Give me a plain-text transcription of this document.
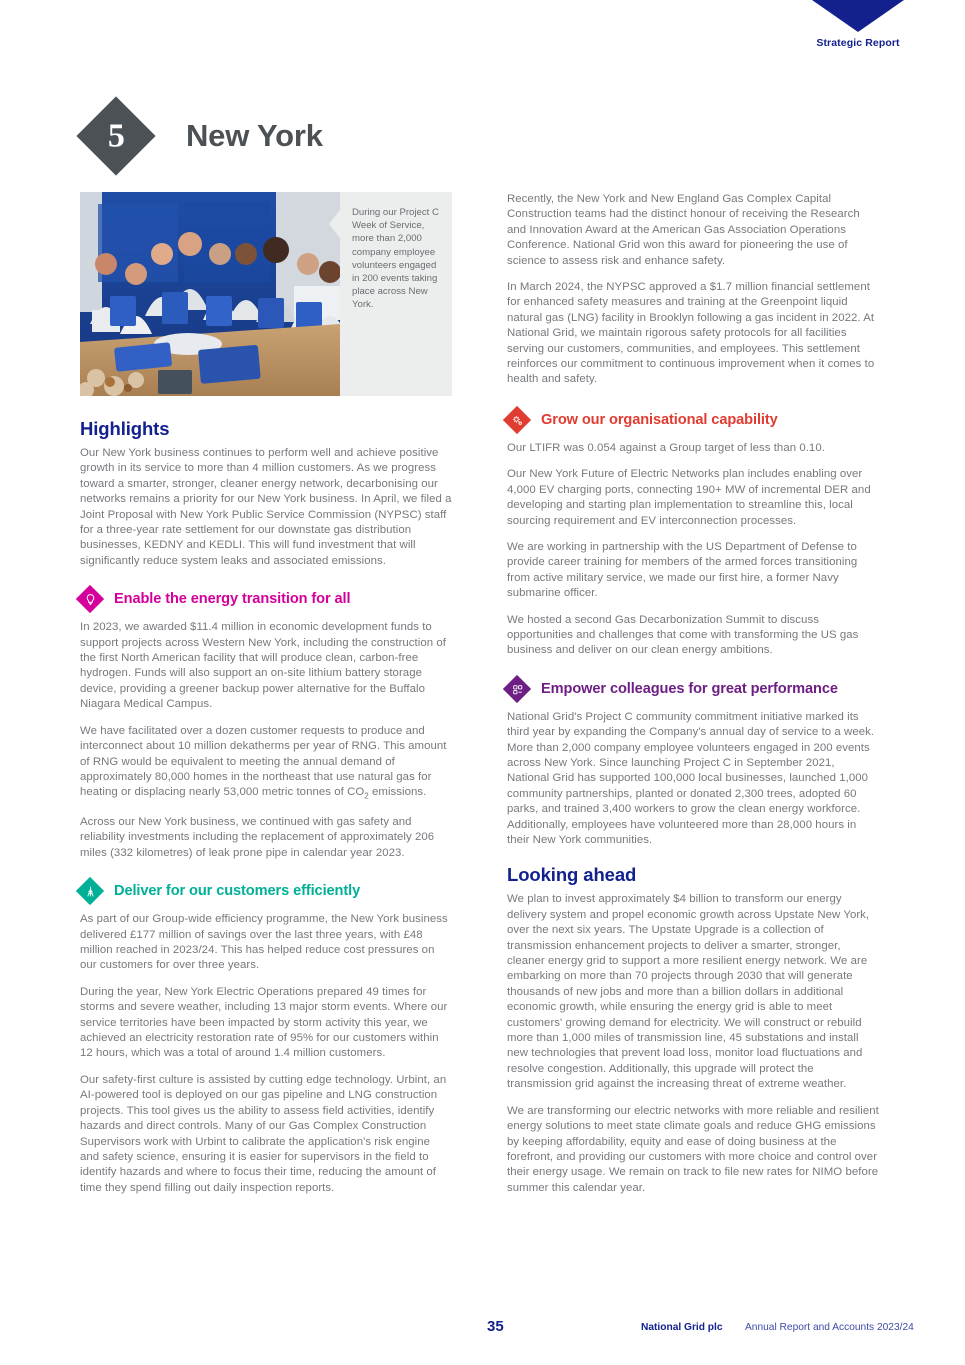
Strategic Report
5 New York
During our Project C Week of Service, more than 2,000 company employee volunteers engaged in 200 events taking place across New York.
Highlights

Our New York business continues to perform well and achieve positive growth in its service to more than 4 million customers. As we progress toward a smarter, stronger, cleaner energy network, decarbonising our networks remains a priority for our New York business. In April, we filed a Joint Proposal with New York Public Service Commission (NYPSC) staff for a three-year rate settlement for our downstate gas distribution businesses, KEDNY and KEDLI. This will fund investment that will significantly reduce system leaks and associated emissions.

Enable the energy transition for all

In 2023, we awarded $11.4 million in economic development funds to support projects across Western New York, including the construction of the first North American facility that will produce clean, carbon-free hydrogen. Funds will also support an on-site lithium battery storage device, providing a greener backup power alternative for the Buffalo Niagara Medical Campus.

We have facilitated over a dozen customer requests to produce and interconnect about 10 million dekatherms per year of RNG. This amount of RNG would be equivalent to meeting the annual demand of approximately 80,000 homes in the northeast that use natural gas for heating or displacing nearly 53,000 metric tonnes of $CO_2$ emissions.

Across our New York business, we continued with gas safety and reliability investments including the replacement of approximately 206 miles (332 kilometres) of leak prone pipe in calendar year 2023.

Deliver for our customers efficiently

As part of our Group-wide efficiency programme, the New York business delivered £177 million of savings over the last three years, with £48 million reached in 2023/24. This has helped reduce cost pressures on our customers for over three years.

During the year, New York Electric Operations prepared 49 times for storms and severe weather, including 13 major storm events. Where our service territories have been impacted by storm activity this year, we achieved an electricity restoration rate of 95% for our customers within 12 hours, which was a total of around 1.4 million customers.

Our safety-first culture is assisted by cutting edge technology. Urbint, an AI-powered tool is deployed on our gas pipeline and LNG construction projects. This tool gives us the ability to assess field activities, identify hazards and direct controls. Many of our Gas Complex Construction Supervisors work with Urbint to calibrate the application's risk engine and safety science, ensuring it is easier for supervisors in the field to identify hazards and where to focus their time, reducing the amount of time they spend filling out daily inspection reports.

Recently, the New York and New England Gas Complex Capital Construction teams had the distinct honour of receiving the Research and Innovation Award at the American Gas Association Operations Conference. National Grid won this award for pioneering the use of science to assess risk and enhance safety.

In March 2024, the NYPSC approved a $1.7 million financial settlement for enhanced safety measures and training at the Greenpoint liquid natural gas (LNG) facility in Brooklyn following a gas incident in 2022. At National Grid, we maintain rigorous safety protocols for all facilities serving our customers, communities, and employees. This settlement reinforces our commitment to continuous improvement when it comes to health and safety.

Grow our organisational capability

Our LTIFR was 0.054 against a Group target of less than 0.10.

Our New York Future of Electric Networks plan includes enabling over 4,000 EV charging ports, connecting 190+ MW of incremental DER and developing and starting plan implementation to streamline this, local sourcing requirement and EV interconnection processes.

We are working in partnership with the US Department of Defense to provide career training for members of the armed forces transitioning from active military service, we made our first hire, a former Navy submarine officer.

We hosted a second Gas Decarbonization Summit to discuss opportunities and challenges that come with transforming the US gas business and deliver on our clean energy ambitions.

Empower colleagues for great performance

National Grid's Project C community commitment initiative marked its third year by expanding the Company's annual day of service to a week. More than 2,000 company employee volunteers engaged in 200 events across New York. Since launching Project C in September 2021, National Grid has supported 100,000 local businesses, launched 1,000 community partnerships, planted or donated 2,300 trees, adopted 60 parks, and trained 3,400 workers to grow the clean energy workforce. Additionally, employees have volunteered more than 28,000 hours in their New York communities.

Looking ahead

We plan to invest approximately $4 billion to transform our energy delivery system and propel economic growth across Upstate New York, over the next six years. The Upstate Upgrade is a collection of transmission enhancement projects to deliver a smarter, stronger, cleaner energy grid to support a more resilient energy network. We are embarking on more than 70 projects through 2030 that will generate thousands of new jobs and more than a billion dollars in additional economic growth, while ensuring the energy grid is able to meet customers' growing demand for electricity. We will construct or rebuild more than 1,000 miles of transmission line, 45 substations and install new technologies that prevent load loss, monitor load fluctuations and resolve congestion. Additionally, this upgrade will protect the transmission grid against the increasing threat of extreme weather.

We are transforming our electric networks with more reliable and resilient energy solutions to meet state climate goals and reduce GHG emissions by keeping affordability, equity and ease of doing business at the forefront, and providing our customers with more choice and control over their energy usage. We remain on track to file new rates for NIMO before summer this calendar year.

35	National Grid plc Annual Report and Accounts 2023/24
